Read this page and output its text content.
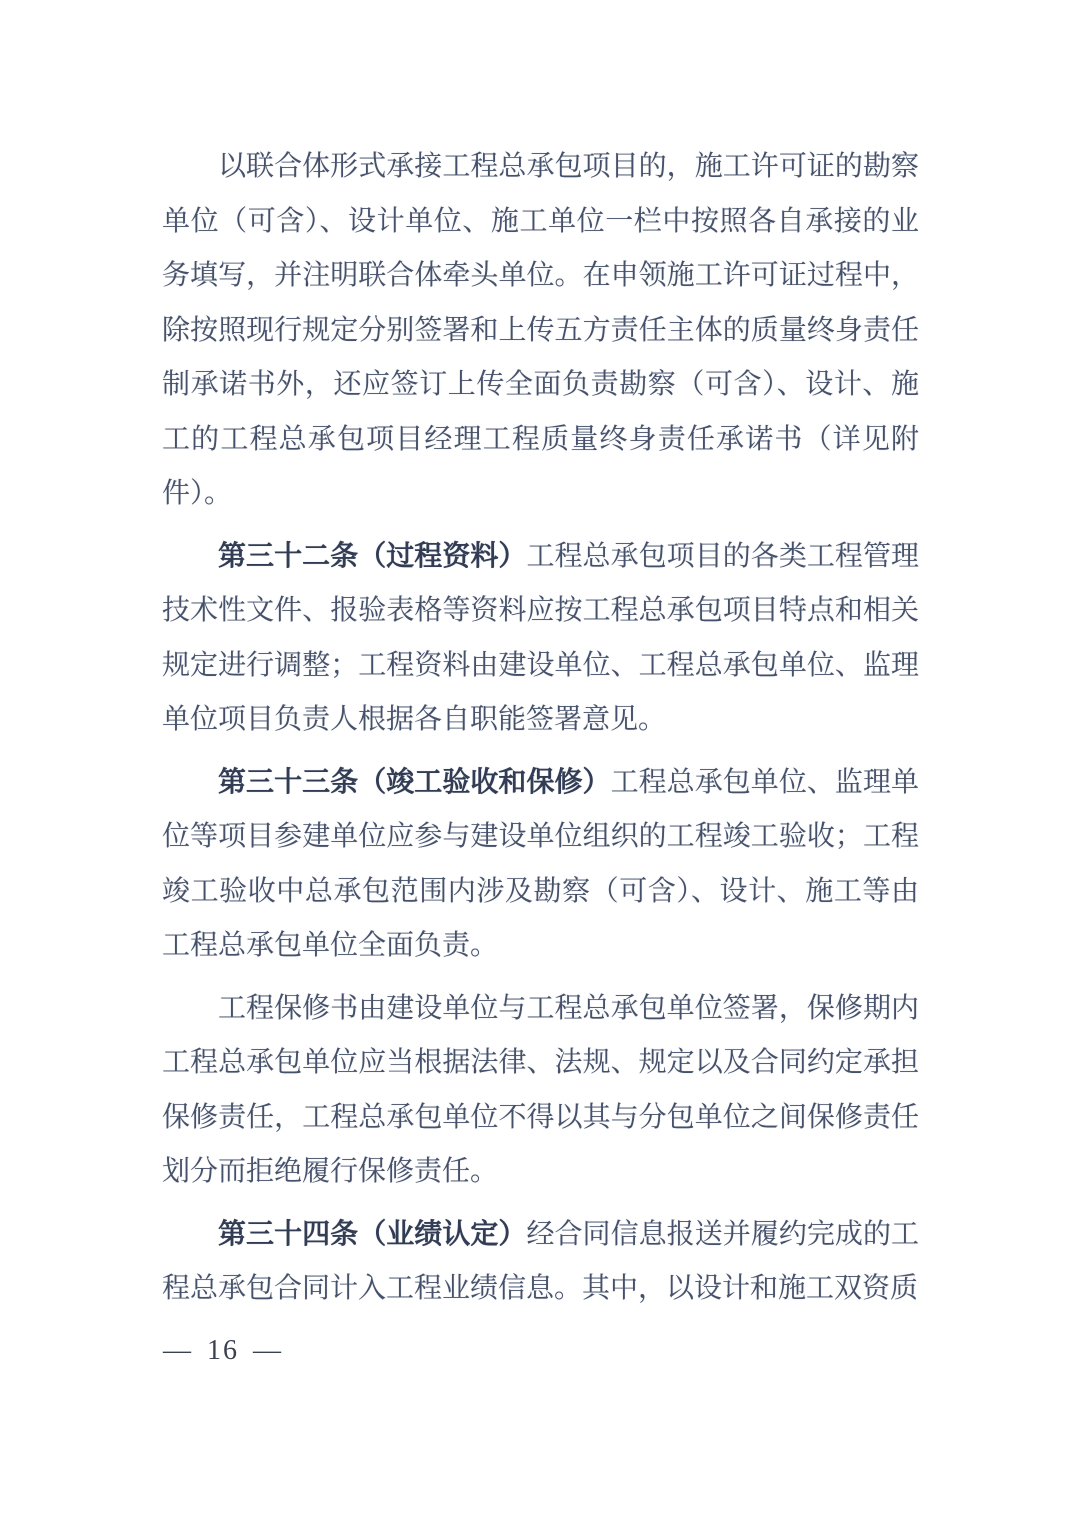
以联合体形式承接工程总承包项目的，施工许可证的勘察单位（可含）、设计单位、施工单位一栏中按照各自承接的业务填写，并注明联合体牵头单位。在申领施工许可证过程中，除按照现行规定分别签署和上传五方责任主体的质量终身责任制承诺书外，还应签订上传全面负责勘察（可含）、设计、施工的工程总承包项目经理工程质量终身责任承诺书（详见附件）。

第三十二条（过程资料）工程总承包项目的各类工程管理技术性文件、报验表格等资料应按工程总承包项目特点和相关规定进行调整；工程资料由建设单位、工程总承包单位、监理单位项目负责人根据各自职能签署意见。

第三十三条（竣工验收和保修）工程总承包单位、监理单位等项目参建单位应参与建设单位组织的工程竣工验收；工程竣工验收中总承包范围内涉及勘察（可含）、设计、施工等由工程总承包单位全面负责。

工程保修书由建设单位与工程总承包单位签署，保修期内工程总承包单位应当根据法律、法规、规定以及合同约定承担保修责任，工程总承包单位不得以其与分包单位之间保修责任划分而拒绝履行保修责任。

第三十四条（业绩认定）经合同信息报送并履约完成的工程总承包合同计入工程业绩信息。其中，以设计和施工双资质

— 16 —
